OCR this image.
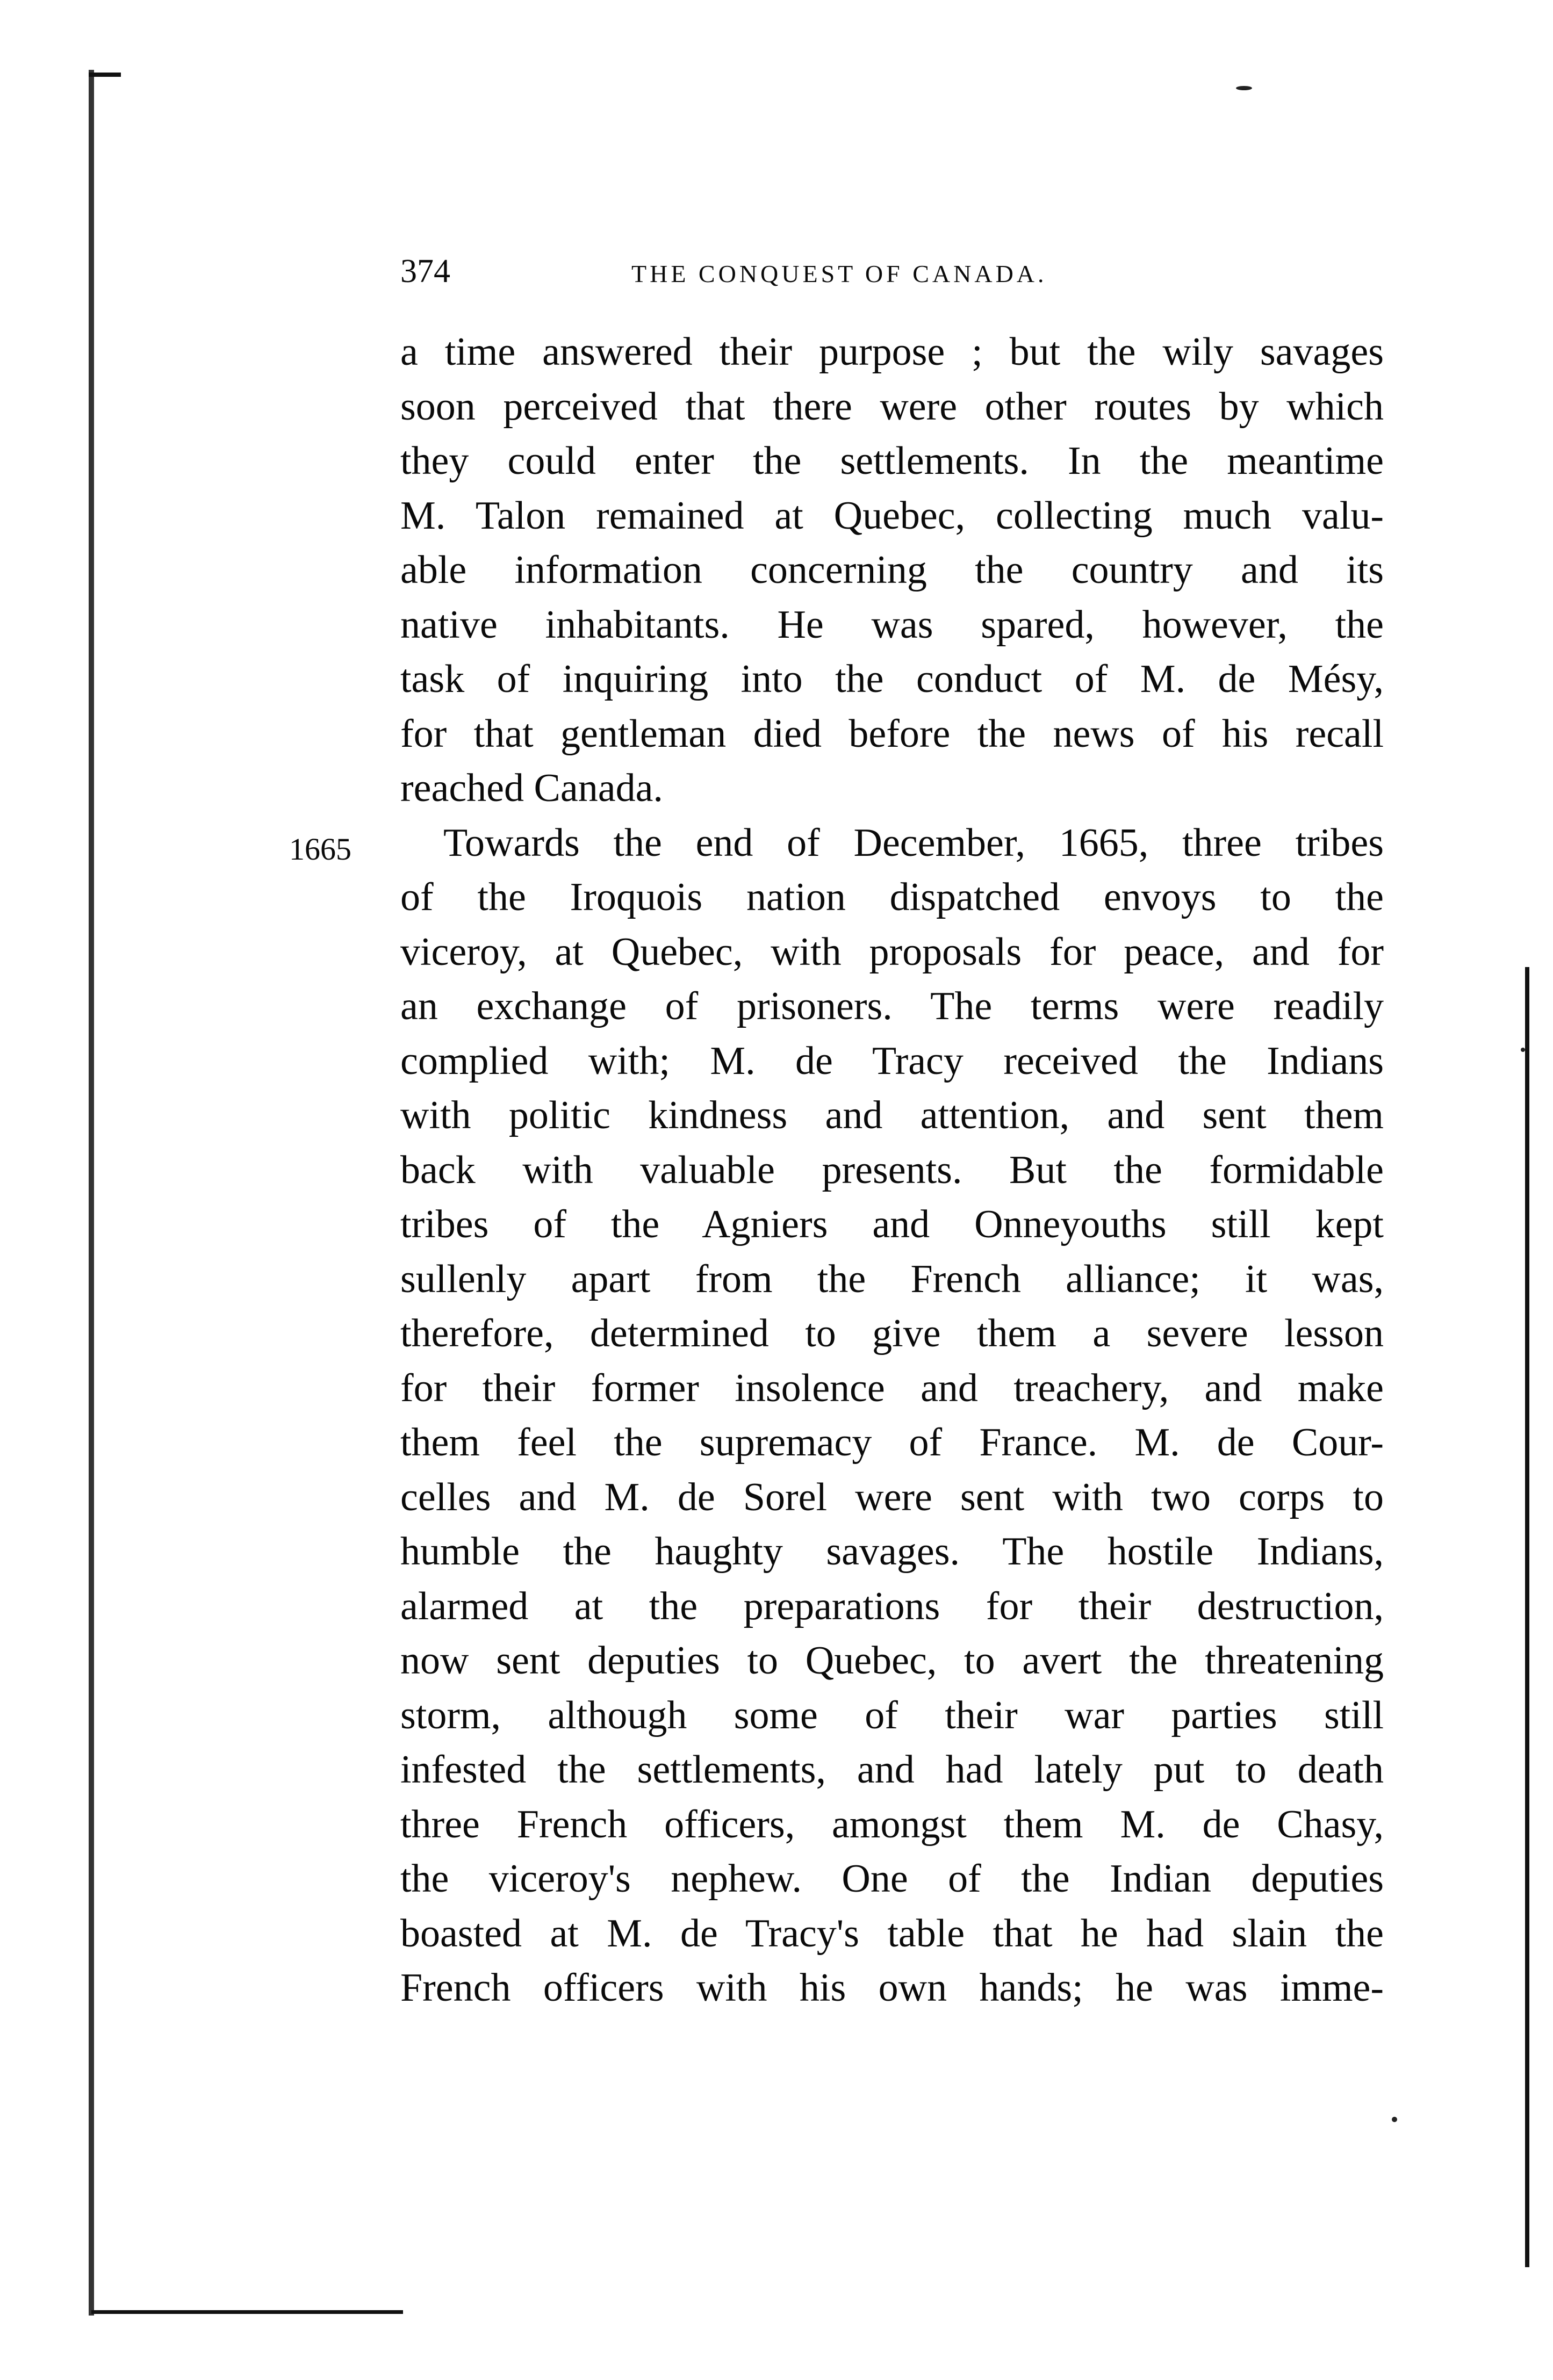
374	THE CONQUEST OF CANADA.
1665
a time answered their purpose ; but the wily savages
soon perceived that there were other routes by which
they could enter the settlements. In the meantime
M. Talon remained at Quebec, collecting much valu-
able information concerning the country and its
native inhabitants. He was spared, however, the
task of inquiring into the conduct of M. de Mésy,
for that gentleman died before the news of his recall
reached Canada.
Towards the end of December, 1665, three tribes
of the Iroquois nation dispatched envoys to the
viceroy, at Quebec, with proposals for peace, and for
an exchange of prisoners. The terms were readily
complied with; M. de Tracy received the Indians
with politic kindness and attention, and sent them
back with valuable presents. But the formidable
tribes of the Agniers and Onneyouths still kept
sullenly apart from the French alliance; it was,
therefore, determined to give them a severe lesson
for their former insolence and treachery, and make
them feel the supremacy of France. M. de Cour-
celles and M. de Sorel were sent with two corps to
humble the haughty savages. The hostile Indians,
alarmed at the preparations for their destruction,
now sent deputies to Quebec, to avert the threatening
storm, although some of their war parties still
infested the settlements, and had lately put to death
three French officers, amongst them M. de Chasy,
the viceroy's nephew. One of the Indian deputies
boasted at M. de Tracy's table that he had slain the
French officers with his own hands; he was imme-
